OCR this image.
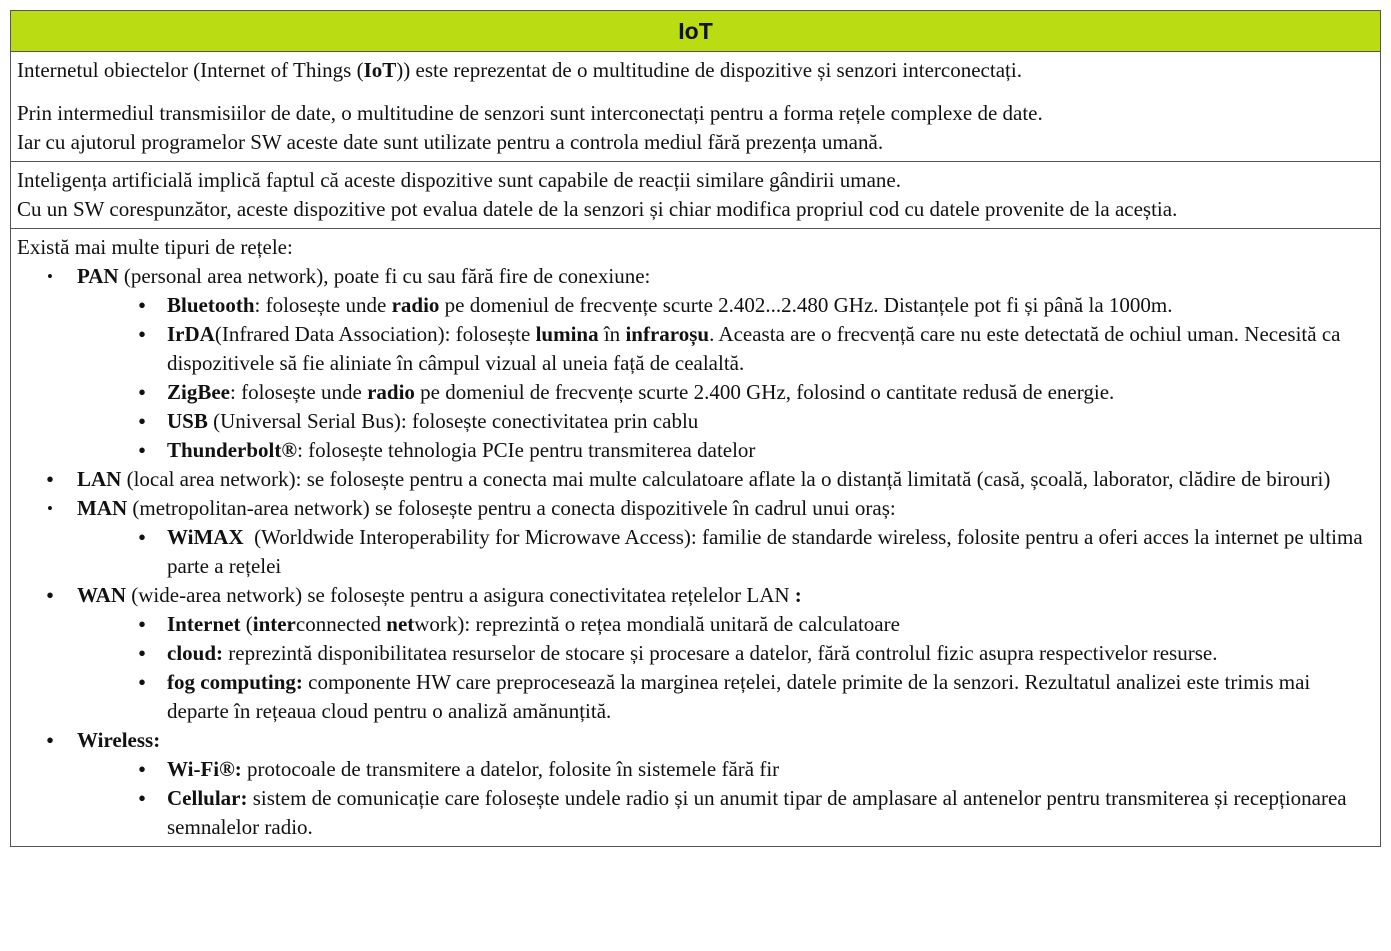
IoT

Internetul obiectelor (Internet of Things (IoT)) este reprezentat de o multitudine de dispozitive și senzori interconectați.

Prin intermediul transmisiilor de date, o multitudine de senzori sunt interconectați pentru a forma rețele complexe de date.

Iar cu ajutorul programelor SW aceste date sunt utilizate pentru a controla mediul fără prezența umană.

Inteligența artificială implică faptul că aceste dispozitive sunt capabile de reacții similare gândirii umane.

Cu un SW corespunzător, aceste dispozitive pot evalua datele de la senzori și chiar modifica propriul cod cu datele provenite de la aceștia.

Există mai multe tipuri de rețele:
• PAN (personal area network), poate fi cu sau fără fire de conexiune:
• Bluetooth: folosește unde radio pe domeniul de frecvențe scurte 2.402...2.480 GHz. Distanțele pot fi și până la 1000m.
• IrDA(Infrared Data Association): folosește lumina în infraroșu. Aceasta are o frecvență care nu este detectată de ochiul uman. Necesită ca dispozitivele să fie aliniate în câmpul vizual al uneia față de cealaltă.
• ZigBee: folosește unde radio pe domeniul de frecvențe scurte 2.400 GHz, folosind o cantitate redusă de energie.
• USB (Universal Serial Bus): folosește conectivitatea prin cablu
• Thunderbolt®: folosește tehnologia PCIe pentru transmiterea datelor
• LAN (local area network): se folosește pentru a conecta mai multe calculatoare aflate la o distanță limitată (casă, școală, laborator, clădire de birouri)
• MAN (metropolitan-area network) se folosește pentru a conecta dispozitivele în cadrul unui oraș:
• WiMAX  (Worldwide Interoperability for Microwave Access): familie de standarde wireless, folosite pentru a oferi acces la internet pe ultima parte a rețelei
• WAN (wide-area network) se folosește pentru a asigura conectivitatea rețelelor LAN :
• Internet (interconnected network): reprezintă o rețea mondială unitară de calculatoare
• cloud: reprezintă disponibilitatea resurselor de stocare și procesare a datelor, fără controlul fizic asupra respectivelor resurse.
• fog computing: componente HW care preprocesează la marginea rețelei, datele primite de la senzori. Rezultatul analizei este trimis mai departe în rețeaua cloud pentru o analiză amănunțită.
• Wireless:
• Wi-Fi®: protocoale de transmitere a datelor, folosite în sistemele fără fir
• Cellular: sistem de comunicație care folosește undele radio și un anumit tipar de amplasare al antenelor pentru transmiterea și recepționarea semnalelor radio.
